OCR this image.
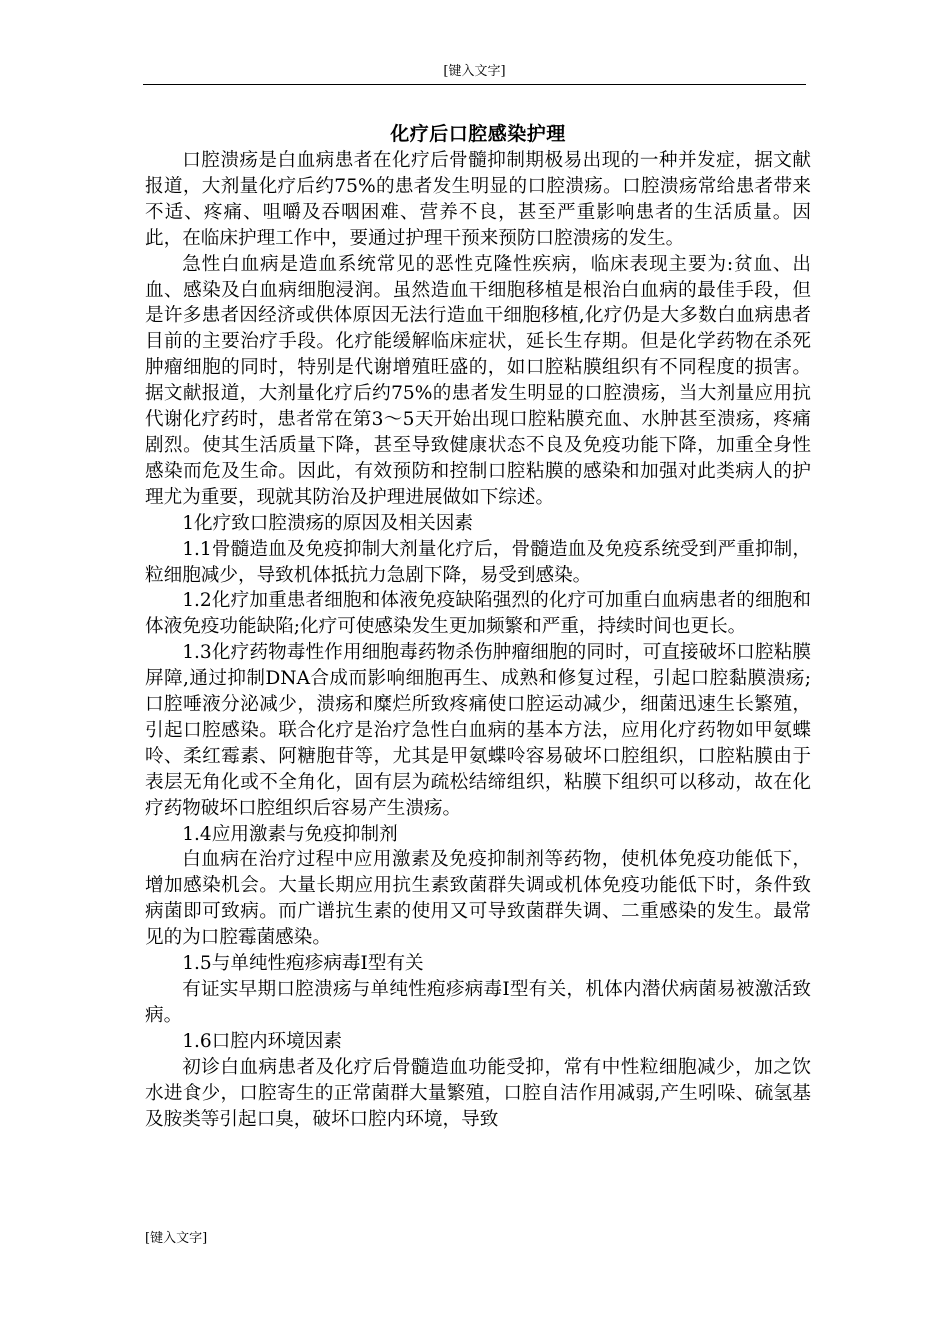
[键入文字]
化疗后口腔感染护理

口腔溃疡是白血病患者在化疗后骨髓抑制期极易出现的一种并发症，据文献报道，大剂量化疗后约75%的患者发生明显的口腔溃疡。口腔溃疡常给患者带来不适、疼痛、咀嚼及吞咽困难、营养不良，甚至严重影响患者的生活质量。因此，在临床护理工作中，要通过护理干预来预防口腔溃疡的发生。

急性白血病是造血系统常见的恶性克隆性疾病，临床表现主要为:贫血、出血、感染及白血病细胞浸润。虽然造血干细胞移植是根治白血病的最佳手段，但是许多患者因经济或供体原因无法行造血干细胞移植,化疗仍是大多数白血病患者目前的主要治疗手段。化疗能缓解临床症状，延长生存期。但是化学药物在杀死肿瘤细胞的同时，特别是代谢增殖旺盛的，如口腔粘膜组织有不同程度的损害。据文献报道，大剂量化疗后约75%的患者发生明显的口腔溃疡，当大剂量应用抗代谢化疗药时，患者常在第3～5天开始出现口腔粘膜充血、水肿甚至溃疡，疼痛剧烈。使其生活质量下降，甚至导致健康状态不良及免疫功能下降，加重全身性感染而危及生命。因此，有效预防和控制口腔粘膜的感染和加强对此类病人的护理尤为重要，现就其防治及护理进展做如下综述。

1化疗致口腔溃疡的原因及相关因素

1.1骨髓造血及免疫抑制大剂量化疗后，骨髓造血及免疫系统受到严重抑制，粒细胞减少，导致机体抵抗力急剧下降，易受到感染。

1.2化疗加重患者细胞和体液免疫缺陷强烈的化疗可加重白血病患者的细胞和体液免疫功能缺陷;化疗可使感染发生更加频繁和严重，持续时间也更长。

1.3化疗药物毒性作用细胞毒药物杀伤肿瘤细胞的同时，可直接破坏口腔粘膜屏障,通过抑制DNA合成而影响细胞再生、成熟和修复过程，引起口腔黏膜溃疡;口腔唾液分泌减少，溃疡和糜烂所致疼痛使口腔运动减少，细菌迅速生长繁殖，引起口腔感染。联合化疗是治疗急性白血病的基本方法，应用化疗药物如甲氨蝶呤、柔红霉素、阿糖胞苷等，尤其是甲氨蝶呤容易破坏口腔组织，口腔粘膜由于表层无角化或不全角化，固有层为疏松结缔组织，粘膜下组织可以移动，故在化疗药物破坏口腔组织后容易产生溃疡。

1.4应用激素与免疫抑制剂

白血病在治疗过程中应用激素及免疫抑制剂等药物，使机体免疫功能低下，增加感染机会。大量长期应用抗生素致菌群失调或机体免疫功能低下时，条件致病菌即可致病。而广谱抗生素的使用又可导致菌群失调、二重感染的发生。最常见的为口腔霉菌感染。

1.5与单纯性疱疹病毒I型有关

有证实早期口腔溃疡与单纯性疱疹病毒I型有关，机体内潜伏病菌易被激活致病。

1.6口腔内环境因素

初诊白血病患者及化疗后骨髓造血功能受抑，常有中性粒细胞减少，加之饮水进食少，口腔寄生的正常菌群大量繁殖，口腔自洁作用减弱,产生吲哚、硫氢基及胺类等引起口臭，破坏口腔内环境，导致

[键入文字]
